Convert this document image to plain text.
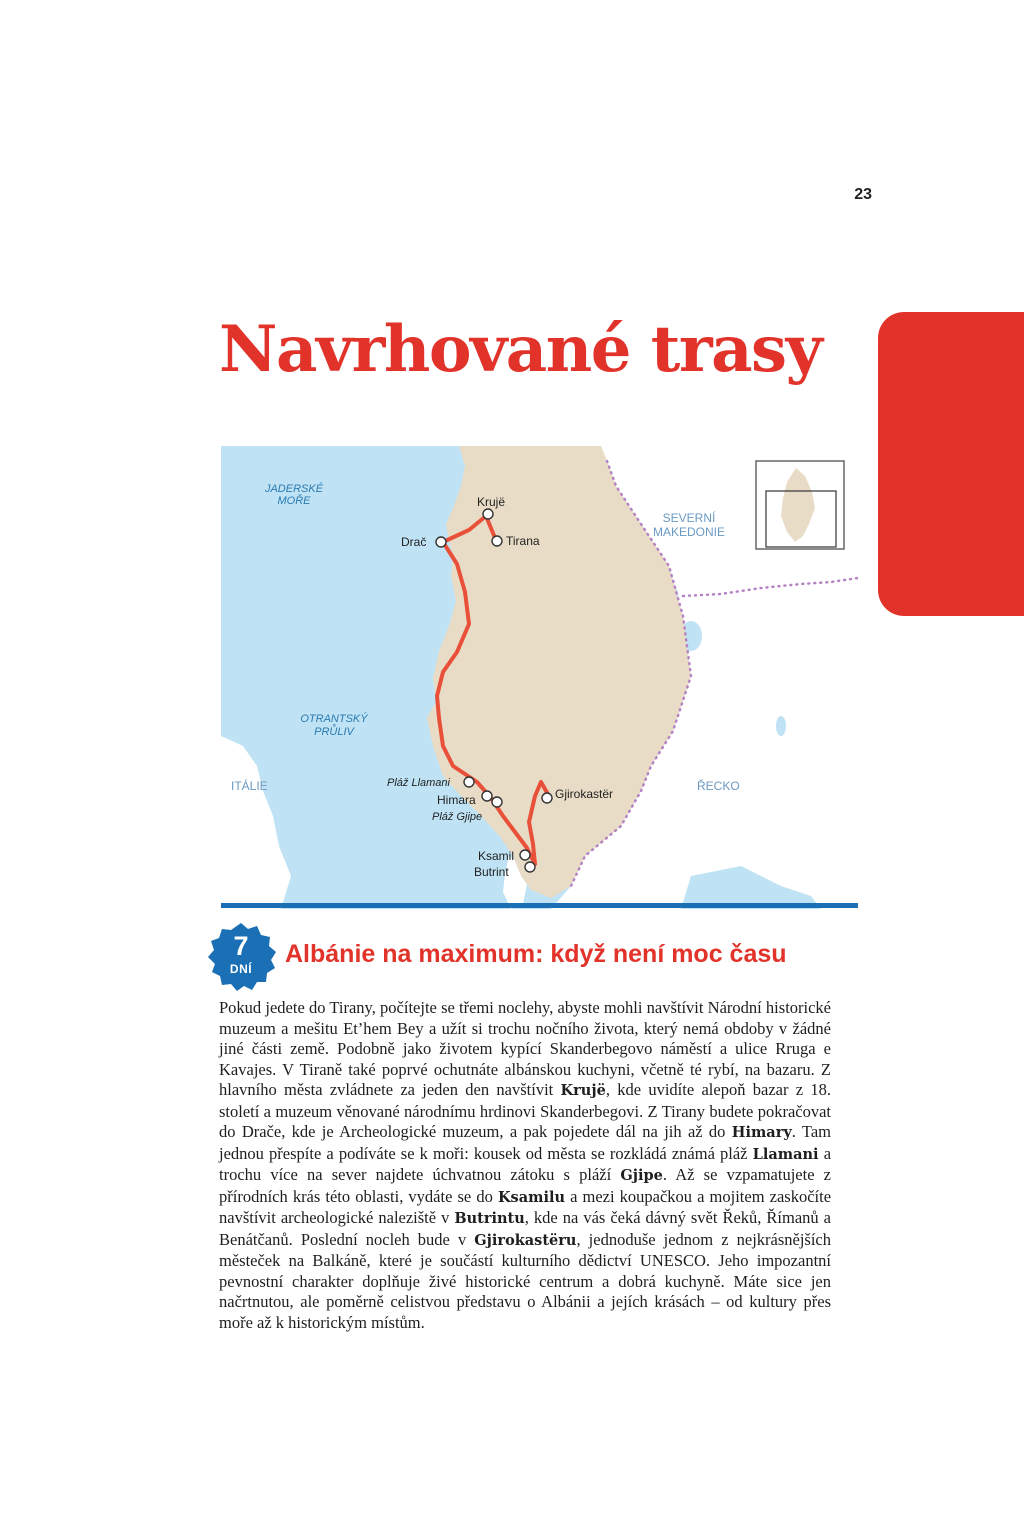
23
Navrhované trasy
Krujë
Tirana
Drač
Pláž Llamani
Himara
Pláž Gjipe
Gjirokastër
Ksamil
Butrint
JADERSKÉ
MOŘE
OTRANTSKÝ
PRŮLIV
SEVERNÍ
MAKEDONIE
ITÁLIE	ŘECKO
7
DNÍ
Albánie na maximum: když není moc času

Pokud jedete do Tirany, počítejte se třemi noclehy, abyste mohli navštívit Národní historické muzeum a mešitu Et’hem Bey a užít si trochu nočního života, který nemá obdoby v žádné jiné části země. Podobně jako životem kypící Skanderbegovo náměstí a ulice Rruga e Kavajes. V Tiraně také poprvé ochutnáte albánskou kuchyni, včetně té rybí, na bazaru. Z hlavního města zvládnete za jeden den navštívit Krujë, kde uvidíte alepoň bazar z 18. století a muzeum věnované národnímu hrdinovi Skanderbegovi. Z Tirany budete pokračovat do Drače, kde je Archeologické muzeum, a pak pojedete dál na jih až do Himary. Tam jednou přespíte a podíváte se k moři: kousek od města se rozkládá známá pláž Llamani a trochu více na sever najdete úchvatnou zátoku s pláží Gjipe. Až se vzpamatujete z přírodních krás této oblasti, vydáte se do Ksamilu a mezi koupačkou a mojitem zaskočíte navštívit archeologické naleziště v Butrintu, kde na vás čeká dávný svět Řeků, Římanů a Benátčanů. Poslední nocleh bude v Gjirokastëru, jednoduše jednom z nejkrásnějších městeček na Balkáně, které je součástí kulturního dědictví UNESCO. Jeho impozantní pevnostní charakter doplňuje živé historické centrum a dobrá kuchyně. Máte sice jen načrtnutou, ale poměrně celistvou představu o Albánii a jejích krásách – od kultury přes moře až k historickým místům.
